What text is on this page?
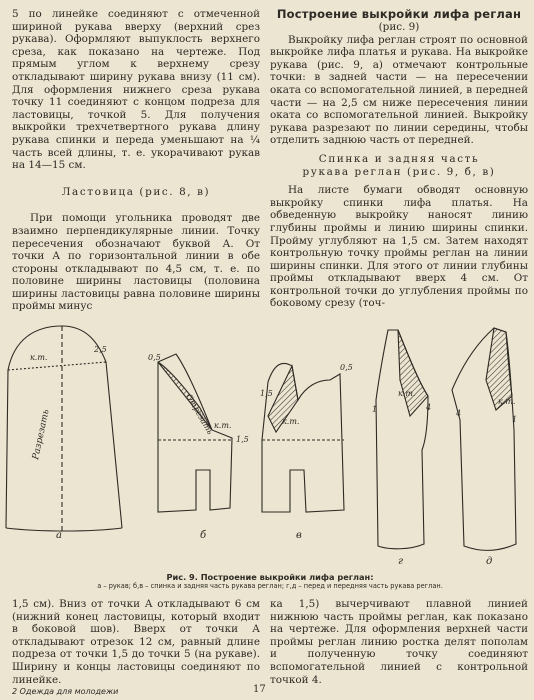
5 по линейке соединяют с отмеченной шириной рукава вверху (верхний срез рукава). Оформляют выпуклость верхнего среза, как показано на чертеже. Под прямым углом к верхнему срезу откладывают ширину рукава внизу (11 см). Для оформления нижнего среза рукава точку 11 соединяют с концом подреза для ластовицы, точкой 5. Для получения выкройки трехчетвертного рукава длину рукава спинки и переда уменьшают на ¼ часть всей длины, т. е. укорачивают рукав на 14—15 см.

Ластовица (рис. 8, в)

При помощи угольника проводят две взаимно перпендикулярные линии. Точку пересечения обозначают буквой А. От точки А по горизонтальной линии в обе стороны откладывают по 4,5 см, т. е. по половине ширины ластовицы (половина ширины ластовицы равна половине ширины проймы минус

Построение выкройки лифа реглан

(рис. 9)

Выкройку лифа реглан строят по основной выкройке лифа платья и рукава. На выкройке рукава (рис. 9, а) отмечают контрольные точки: в задней части — на пересечении оката со вспомогательной линией, в передней части — на 2,5 см ниже пересечения линии оката со вспомогательной линией. Выкройку рукава разрезают по линии середины, чтобы отделить заднюю часть от передней.

Спинка и задняя часть

рукава реглан (рис. 9, б, в)

На листе бумаги обводят основную выкройку спинки лифа платья. На обведенную выкройку наносят линию глубины проймы и линию ширины спинки. Пройму углубляют на 1,5 см. Затем находят контрольную точку проймы реглан на линии ширины спинки. Для этого от линии глубины проймы откладывают вверх 4 см. От контрольной точки до углубления проймы по боковому срезу (точ-

к.т.
2,5
Разрезать
а
0,5
Отрезать к.т.
1,5
б
1,5
к.т.
0,5
в
1
к.т.
4
г
4
к.т.
1
д
Рис. 9. Построение выкройки лифа реглан:
а – рукав; б,в – спинка и задняя часть рукава реглан; г,д – перед и передняя часть рукава реглан.

1,5 см). Вниз от точки А откладывают 6 см (нижний конец ластовицы, который входит в боковой шов). Вверх от точки А откладывают отрезок 12 см, равный длине подреза от точки 1,5 до точки 5 (на рукаве). Ширину и концы ластовицы соединяют по линейке.

ка 1,5) вычерчивают плавной линией нижнюю часть проймы реглан, как показано на чертеже. Для оформления верхней части проймы реглан линию ростка делят пополам и полученную точку соединяют вспомогательной линией с контрольной точкой 4.

2 Одежда для молодежи	17
